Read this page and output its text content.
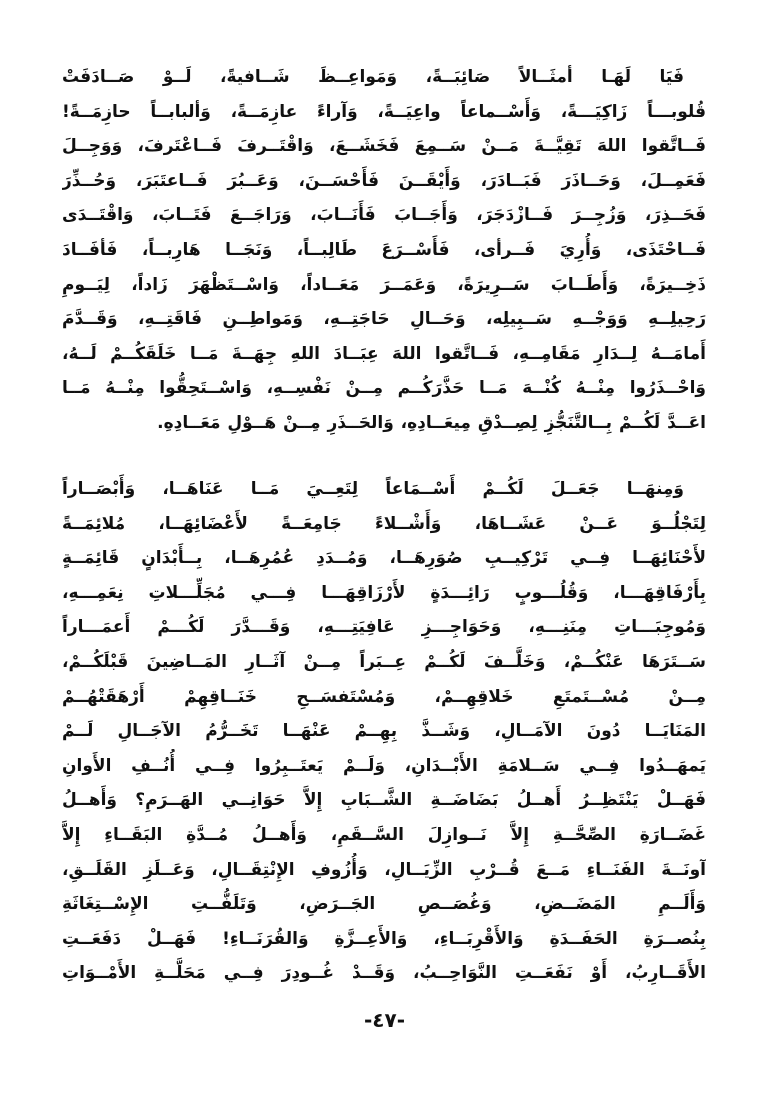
فَيَا لَهَـا أمثَــالاً صَائِبَــةً، وَمَواعِــظَ شَــافيةً، لَــوْ صَــادَفَتْ
قُلوبـــاً زَاكِيَـــةً، وَأَسْــماعاً واعِيَــةً، وَآراءً عازِمَــةً، وَألبابــاً حازِمَــةً!
فَــاتَّقوا اللهَ تَقِيَّــةَ مَــنْ سَــمِعَ فَخَشَــعَ، وَاقْتَــرفَ فَــاعْتَرفَ، وَوَجِــلَ
فَعَمِــلَ، وَحَــاذَرَ فَبَــادَرَ، وَأَيْقَــنَ فَأَحْسَــنَ، وَعَــبُرَ فَــاعتَبَرَ، وَحُــذِّرَ
فَحَــذِرَ، وَزُجِــرَ فَــازْدَجَرَ، وَأَجَــابَ فَأَنَــابَ، وَرَاجَــعَ فَتَــابَ، وَاقْتَــدَى
فَــاحْتَذَى، وَأُرِيَ فَــرأى، فَأَسْــرَعَ طَالِبــاً، وَنَجَــا هَارِبــاً، فَأفَــادَ
ذَخِــيرَةً، وَأَطَــابَ سَــرِيرَةً، وَعَمَــرَ مَعَــاداً، وَاسْــتَظْهَرَ زَاداً، لِيَــومِ
رَحِيلِــهِ وَوَجْــهِ سَــبِيلِه، وَحَــالِ حَاجَتِــهِ، وَمَواطِــنِ فَاقَتِــهِ، وَقَــدَّمَ
أَمامَــهُ لِــدَارِ مَقَامِــهِ، فَــاتَّقوا اللهَ عِبَــادَ اللهِ جِهَــةَ مَــا خَلَقَكُــمْ لَــهُ،
وَاحْــذَرُوا مِنْــهُ كُنْــهَ مَــا حَذَّرَكُــم مِــنْ نَفْسِــهِ، وَاسْــتَحِقُّوا مِنْــهُ مَــا
اعَــدَّ لَكُــمْ بِــالتَّنَجُّزِ لِصِــدْقِ مِيعَــادِهِ، وَالحَــذَرِ مِــنْ هَــوْلِ مَعَــادِهِ.
وَمِنهَــا جَعَــلَ لَكُــمْ أَسْــمَاعاً لِتَعِــيَ مَــا عَنَاهَــا، وَأَبْصَــاراً
لِتَجْلُــوَ عَــنْ عَشَــاهَا، وَأَشْــلاءً جَامِعَــةً لأَعْضَائِهَــا، مُلائِمَــةً
لأَحْنَائِهَــا فِــي تَرْكِيــبِ صُوَرِهَــا، وَمُــدَدِ عُمُرِهَــا، بِــأَبْدَانٍ قَائِمَــةٍ
بِأَرْفَاقِهَـــا، وَقُلُـــوبٍ رَائِـــدَةٍ لأَرْزَاقِهَـــا فِـــي مُجَلِّـــلاتِ نِعَمِـــهِ،
وَمُوجِبَـــاتِ مِنَنِـــهِ، وَحَوَاجِـــزِ عَافِيَتِـــهِ، وَقَـــدَّرَ لَكُـــمْ أَعمَـــاراً
سَــتَرَهَا عَنْكُــمْ، وَخَلَّــفَ لَكُــمْ عِــبَراً مِــنْ آثَــارِ المَــاضِينَ قَبْلَكُــمْ،
مِــنْ مُسْــتَمتَعِ خَلاقِهِــمْ، وَمُسْتَفسَــحِ خَنَــاقِهِمْ أَرْهَقَتْهُــمْ
المَنَايَــا دُونَ الآمَــالِ، وَشَــذَّ بِهِــمْ عَنْهَــا تَخَــرُّمُ الآجَــالِ لَــمْ
يَمهَــدُوا فِــي سَــلامَةِ الأَبْــدَانِ، وَلَــمْ يَعتَــبِرُوا فِــي أُنُــفِ الأَوانِ
فَهَــلْ يَنْتَظِــرُ أَهــلُ بَضَاضَــةِ الشَّــبَابِ إِلاَّ حَوَانِــي الهَــرَمِ؟ وَأَهــلُ
غَضَــارَةِ الصِّحَّــةِ إِلاَّ نَــوازِلَ السَّــقَمِ، وَأَهــلُ مُــدَّةِ البَقَــاءِ إِلاَّ
آونَــةَ الفَنَــاءِ مَــعَ قُــرْبِ الزِّيَــالِ، وَأُزُوفِ الإِنْتِقَــالِ، وَعَــلَزِ القَلَــقِ،
وَأَلَــمِ المَضَــضِ، وَغُصَــصِ الجَــرَضِ، وَتَلَفُّــتِ الإِسْــتِغَاثَةِ
بِنُصــرَةِ الحَفَــدَةِ وَالأَقْرِبَــاءِ، وَالأَعِــزَّةِ وَالقُرَنَــاءِ! فَهَــلْ دَفَعَــتِ
الأَقَــارِبُ، أَوْ نَفَعَــتِ النَّوَاحِــبُ، وَقَــدْ غُــودِرَ فِــي مَحَلَّــةِ الأَمْــوَاتِ
-٤٧-
